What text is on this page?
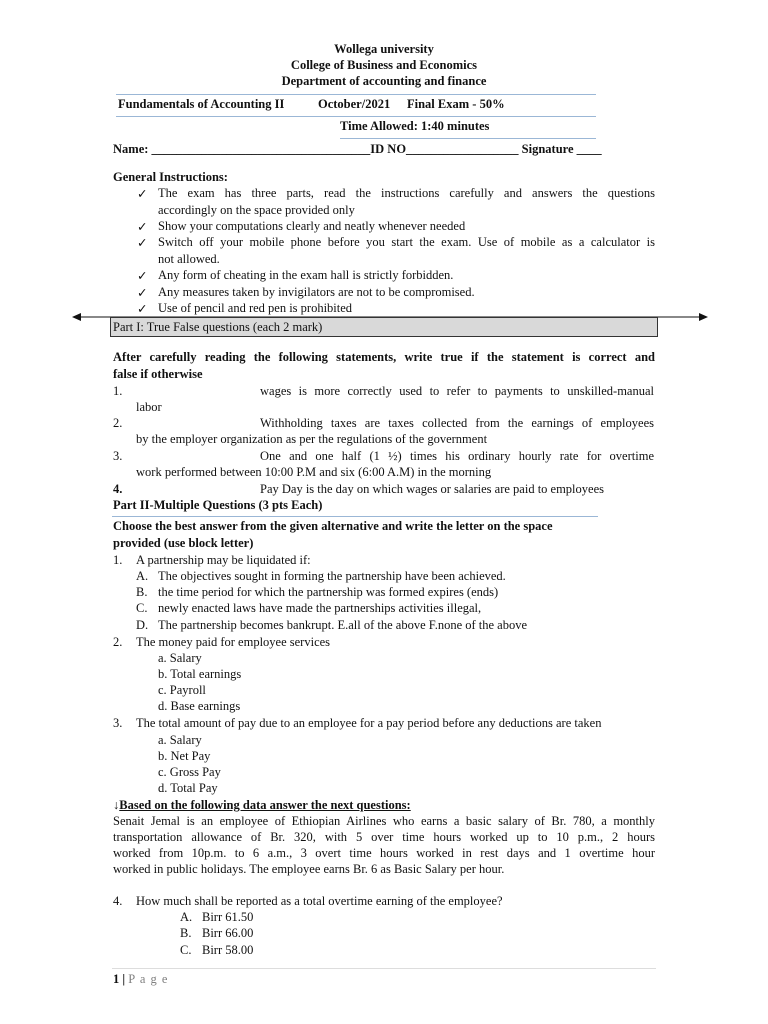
Wollega university
College of Business and Economics
Department of accounting and finance
Fundamentals of Accounting II	October/2021 Final Exam - 50%
Time Allowed: 1:40 minutes
Name: ___________________________________ID NO__________________ Signature ____
General Instructions:
✓ The exam has three parts, read the instructions carefully and answers the questions
accordingly on the space provided only
✓ Show your computations clearly and neatly whenever needed
✓ Switch off your mobile phone before you start the exam. Use of mobile as a calculator is
not allowed.
✓ Any form of cheating in the exam hall is strictly forbidden.
✓ Any measures taken by invigilators are not to be compromised.
✓ Use of pencil and red pen is prohibited
Part I: True False questions (each 2 mark)
After carefully reading the following statements, write true if the statement is correct and
false if otherwise
1.	wages is more correctly used to refer to payments to unskilled-manual
labor
2.	Withholding taxes are taxes collected from the earnings of employees
by the employer organization as per the regulations of the government
3.	One and one half (1 ½) times his ordinary hourly rate for overtime
work performed between 10:00 P.M and six (6:00 A.M) in the morning
4.	Pay Day is the day on which wages or salaries are paid to employees
Part II-Multiple Questions (3 pts Each)
Choose the best answer from the given alternative and write the letter on the space
provided (use block letter)
1. A partnership may be liquidated if:
A. The objectives sought in forming the partnership have been achieved.
B. the time period for which the partnership was formed expires (ends)
C. newly enacted laws have made the partnerships activities illegal,
D. The partnership becomes bankrupt. E.all of the above F.none of the above
2. The money paid for employee services
a. Salary
b. Total earnings
c. Payroll
d. Base earnings
3. The total amount of pay due to an employee for a pay period before any deductions are taken
a. Salary
b. Net Pay
c. Gross Pay
d. Total Pay
↓Based on the following data answer the next questions:
Senait Jemal is an employee of Ethiopian Airlines who earns a basic salary of Br. 780, a monthly
transportation allowance of Br. 320, with 5 over time hours worked up to 10 p.m., 2 hours
worked from 10p.m. to 6 a.m., 3 overt time hours worked in rest days and 1 overtime hour
worked in public holidays. The employee earns Br. 6 as Basic Salary per hour.
4. How much shall be reported as a total overtime earning of the employee?
A. Birr 61.50
B. Birr 66.00
C. Birr 58.00
1 | P a g e
